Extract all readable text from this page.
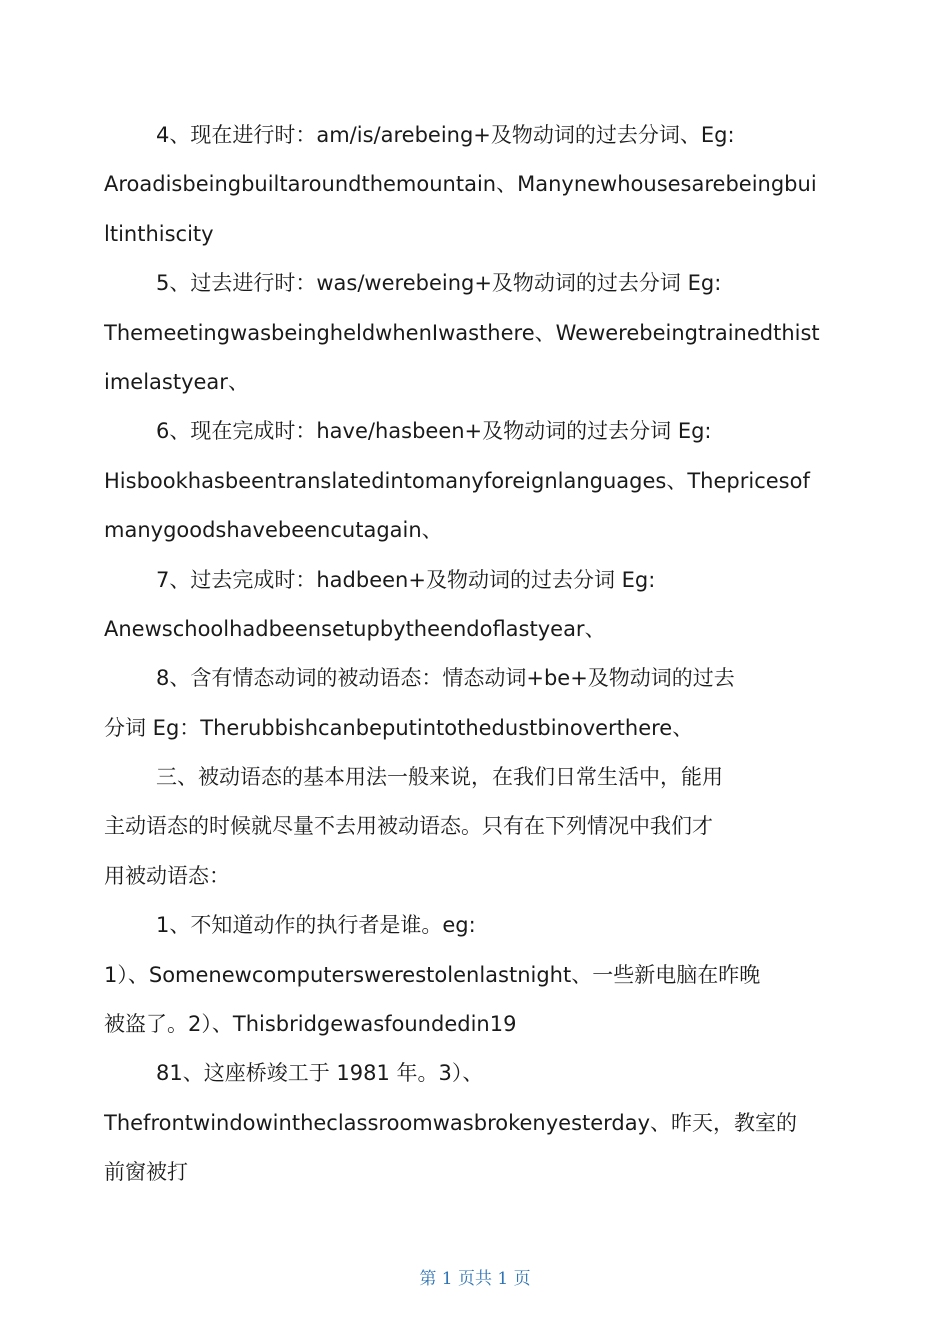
4、现在进行时：am/is/arebeing+及物动词的过去分词、Eg:
Aroadisbeingbuiltaroundthemountain、Manynewhousesarebeingbui
ltinthiscity
5、过去进行时：was/werebeing+及物动词的过去分词 Eg:
ThemeetingwasbeingheldwhenIwasthere、Wewerebeingtrainedthist
imelastyear、
6、现在完成时：have/hasbeen+及物动词的过去分词 Eg:
Hisbookhasbeentranslatedintomanyforeignlanguages、Thepricesof
manygoodshavebeencutagain、
7、过去完成时：hadbeen+及物动词的过去分词 Eg:
Anewschoolhadbeensetupbytheendoflastyear、
8、含有情态动词的被动语态：情态动词+be+及物动词的过去
分词 Eg：Therubbishcanbeputintothedustbinoverthere、
三、被动语态的基本用法一般来说，在我们日常生活中，能用
主动语态的时候就尽量不去用被动语态。只有在下列情况中我们才
用被动语态：
1、不知道动作的执行者是谁。eg:
1）、Somenewcomputerswerestolenlastnight、一些新电脑在昨晚
被盗了。2）、Thisbridgewasfoundedin19
81、这座桥竣工于 1981 年。3）、
Thefrontwindowintheclassroomwasbrokenyesterday、昨天，教室的
前窗被打
第 1 页共 1 页
